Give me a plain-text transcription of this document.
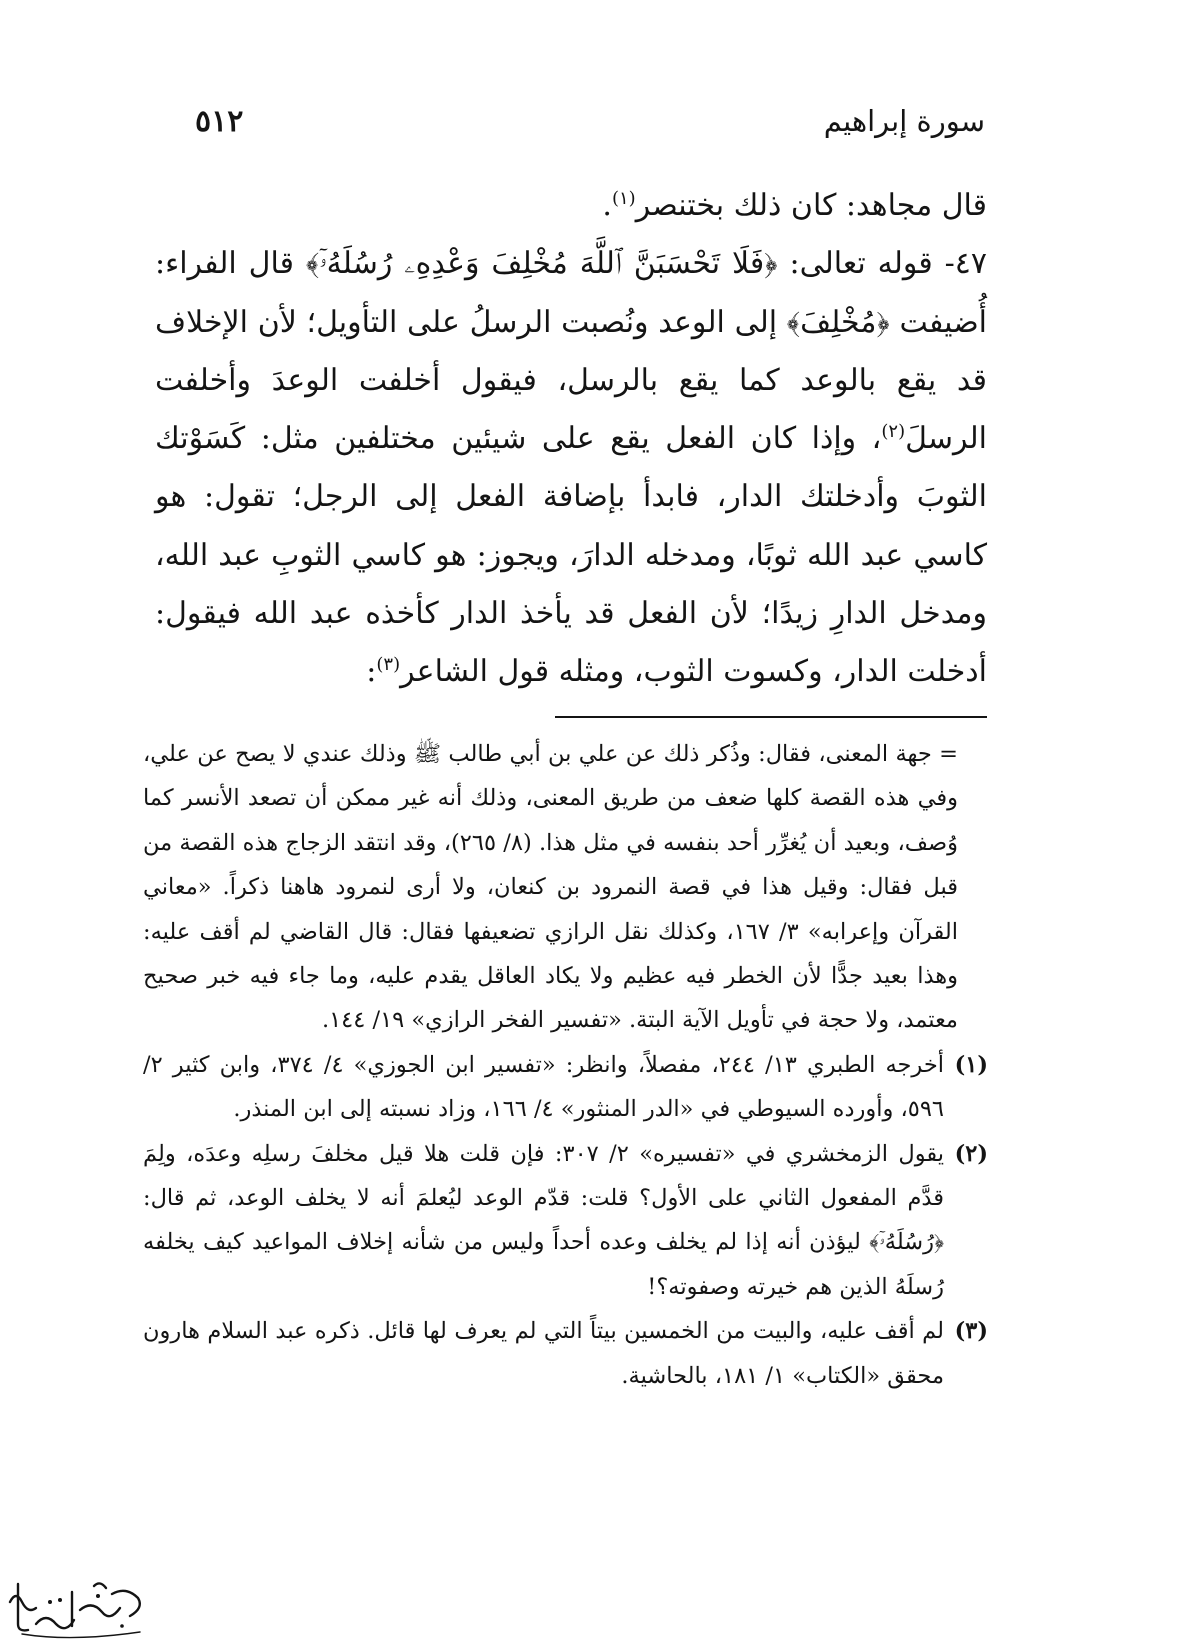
٥١٢	سورة إبراهيم

قال مجاهد: كان ذلك بختنصر$^{(١)}$.

٤٧- قوله تعالى: ﴿فَلَا تَحْسَبَنَّ ٱللَّهَ مُخْلِفَ وَعْدِهِۦ رُسُلَهُۥٓ﴾ قال الفراء: أُضيفت ﴿مُخْلِفَ﴾ إلى الوعد ونُصبت الرسلُ على التأويل؛ لأن الإخلاف قد يقع بالوعد كما يقع بالرسل، فيقول أخلفت الوعدَ وأخلفت الرسلَ$^{(٢)}$، وإذا كان الفعل يقع على شيئين مختلفين مثل: كَسَوْتك الثوبَ وأدخلتك الدار، فابدأ بإضافة الفعل إلى الرجل؛ تقول: هو كاسي عبد الله ثوبًا، ومدخله الدارَ، ويجوز: هو كاسي الثوبِ عبد الله، ومدخل الدارِ زيدًا؛ لأن الفعل قد يأخذ الدار كأخذه عبد الله فيقول: أدخلت الدار، وكسوت الثوب، ومثله قول الشاعر$^{(٣)}$:

= جهة المعنى، فقال: وذُكر ذلك عن علي بن أبي طالب ﷺ وذلك عندي لا يصح عن علي، وفي هذه القصة كلها ضعف من طريق المعنى، وذلك أنه غير ممكن أن تصعد الأنسر كما وُصف، وبعيد أن يُغرِّر أحد بنفسه في مثل هذا. (٨/ ٢٦٥)، وقد انتقد الزجاج هذه القصة من قبل فقال: وقيل هذا في قصة النمرود بن كنعان، ولا أرى لنمرود هاهنا ذكراً. «معاني القرآن وإعرابه» ٣/ ١٦٧، وكذلك نقل الرازي تضعيفها فقال: قال القاضي لم أقف عليه: وهذا بعيد جدًّا لأن الخطر فيه عظيم ولا يكاد العاقل يقدم عليه، وما جاء فيه خبر صحيح معتمد، ولا حجة في تأويل الآية البتة. «تفسير الفخر الرازي» ١٩/ ١٤٤.

(١)
أخرجه الطبري ١٣/ ٢٤٤، مفصلاً، وانظر: «تفسير ابن الجوزي» ٤/ ٣٧٤، وابن كثير ٢/ ٥٩٦، وأورده السيوطي في «الدر المنثور» ٤/ ١٦٦، وزاد نسبته إلى ابن المنذر.
(٢)
يقول الزمخشري في «تفسيره» ٢/ ٣٠٧: فإن قلت هلا قيل مخلفَ رسلِه وعدَه، ولِمَ قدَّم المفعول الثاني على الأول؟ قلت: قدّم الوعد ليُعلمَ أنه لا يخلف الوعد، ثم قال: ﴿رُسُلَهُۥٓ﴾ ليؤذن أنه إذا لم يخلف وعده أحداً وليس من شأنه إخلاف المواعيد كيف يخلفه رُسلَهُ الذين هم خيرته وصفوته؟!
(٣)
لم أقف عليه، والبيت من الخمسين بيتاً التي لم يعرف لها قائل. ذكره عبد السلام هارون محقق «الكتاب» ١/ ١٨١، بالحاشية.
